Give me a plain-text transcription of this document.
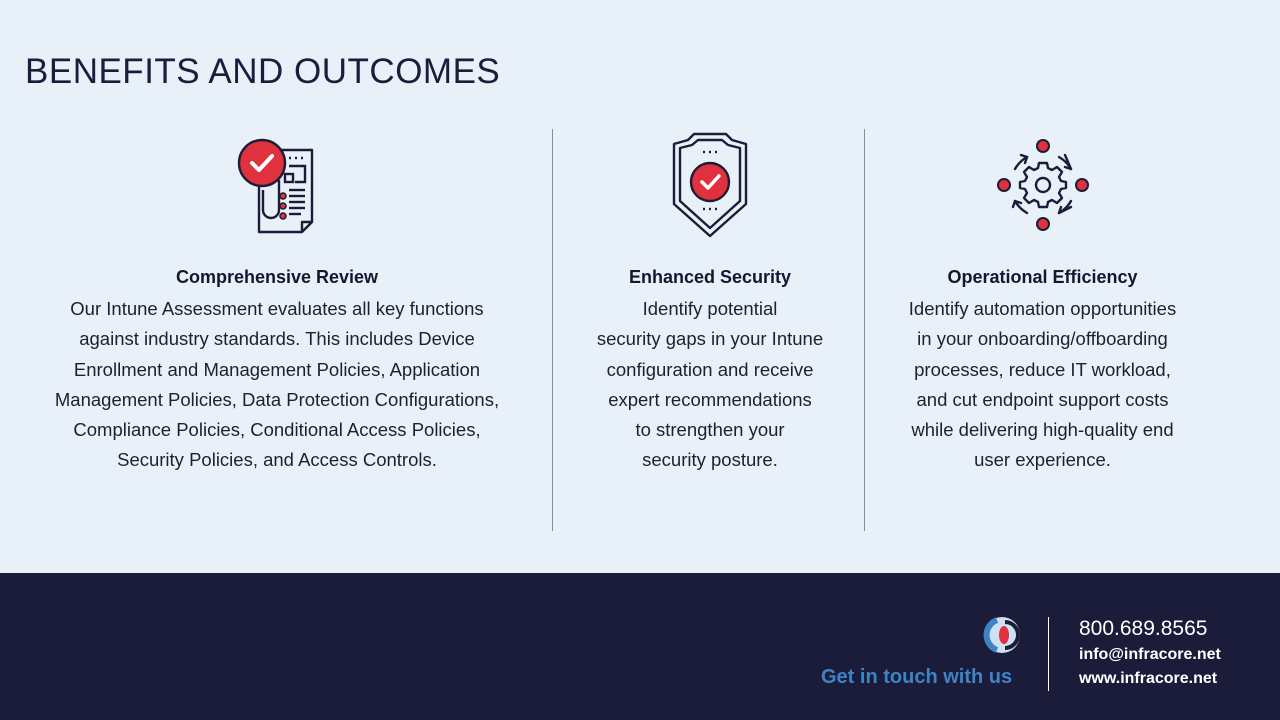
BENEFITS AND OUTCOMES
Comprehensive Review

Our Intune Assessment evaluates all key functions
against industry standards. This includes Device
Enrollment and Management Policies, Application
Management Policies, Data Protection Configurations,
Compliance Policies, Conditional Access Policies,
Security Policies, and Access Controls.

Enhanced Security

Identify potential
security gaps in your Intune
configuration and receive
expert recommendations
to strengthen your
security posture.

Operational Efficiency

Identify automation opportunities
in your onboarding/offboarding
processes, reduce IT workload,
and cut endpoint support costs
while delivering high-quality end
user experience.

Get in touch with us
800.689.8565
info@infracore.net
www.infracore.net
